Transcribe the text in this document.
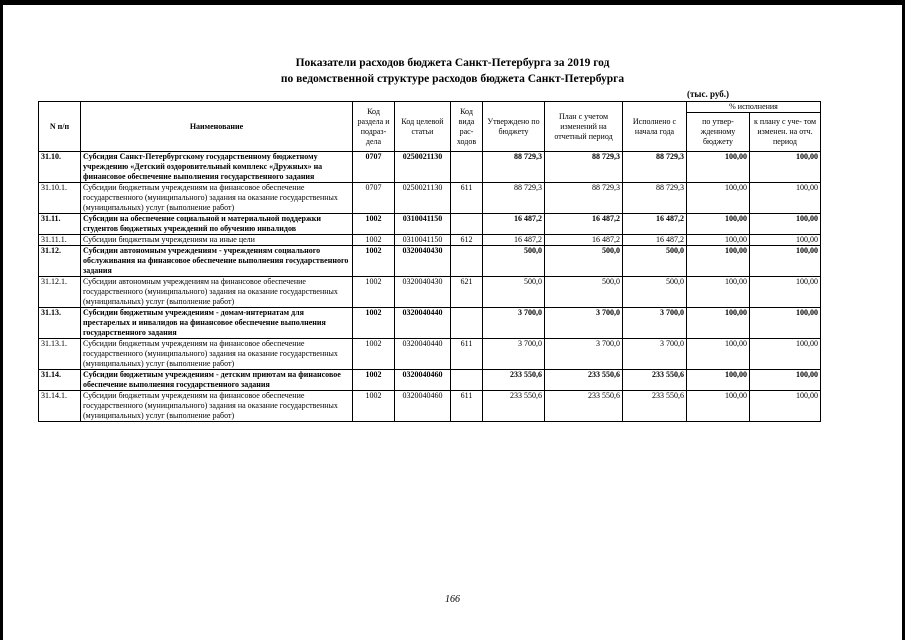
Показатели расходов бюджета Санкт-Петербурга за 2019 год
по ведомственной структуре расходов бюджета Санкт-Петербурга
(тыс. руб.)
N п/п	Наименование	Код раздела и подраз- дела	Код целевой статьи	Код вида рас- ходов	Утверждено по бюджету	План с учетом изменений на отчетный период	Исполнено с начала года	% исполнения	
								по утвер- жденному бюджету	к плану с уче- том изменен. на отч. период
31.10.	Субсидия Санкт-Петербургскому государственному бюджетному учреждению «Детский оздоровительный комплекс «Дружных» на финансовое обеспечение выполнения государственного задания	0707	0250021130		88 729,3	88 729,3	88 729,3	100,00	100,00
31.10.1.	Субсидии бюджетным учреждениям на финансовое обеспечение государственного (муниципального) задания на оказание государственных (муниципальных) услуг (выполнение работ)	0707	0250021130	611	88 729,3	88 729,3	88 729,3	100,00	100,00
31.11.	Субсидии на обеспечение социальной и материальной поддержки студентов бюджетных учреждений по обучению инвалидов	1002	0310041150		16 487,2	16 487,2	16 487,2	100,00	100,00
31.11.1.	Субсидии бюджетным учреждениям на иные цели	1002	0310041150	612	16 487,2	16 487,2	16 487,2	100,00	100,00
31.12.	Субсидии автономным учреждениям - учреждениям социального обслуживания на финансовое обеспечение выполнения государственного задания	1002	0320040430		500,0	500,0	500,0	100,00	100,00
31.12.1.	Субсидии автономным учреждениям на финансовое обеспечение государственного (муниципального) задания на оказание государственных (муниципальных) услуг (выполнение работ)	1002	0320040430	621	500,0	500,0	500,0	100,00	100,00
31.13.	Субсидии бюджетным учреждениям - домам-интернатам для престарелых и инвалидов на финансовое обеспечение выполнения государственного задания	1002	0320040440		3 700,0	3 700,0	3 700,0	100,00	100,00
31.13.1.	Субсидии бюджетным учреждениям на финансовое обеспечение государственного (муниципального) задания на оказание государственных (муниципальных) услуг (выполнение работ)	1002	0320040440	611	3 700,0	3 700,0	3 700,0	100,00	100,00
31.14.	Субсидии бюджетным учреждениям - детским приютам на финансовое обеспечение выполнения государственного задания	1002	0320040460		233 550,6	233 550,6	233 550,6	100,00	100,00
31.14.1.	Субсидии бюджетным учреждениям на финансовое обеспечение государственного (муниципального) задания на оказание государственных (муниципальных) услуг (выполнение работ)	1002	0320040460	611	233 550,6	233 550,6	233 550,6	100,00	100,00
166
